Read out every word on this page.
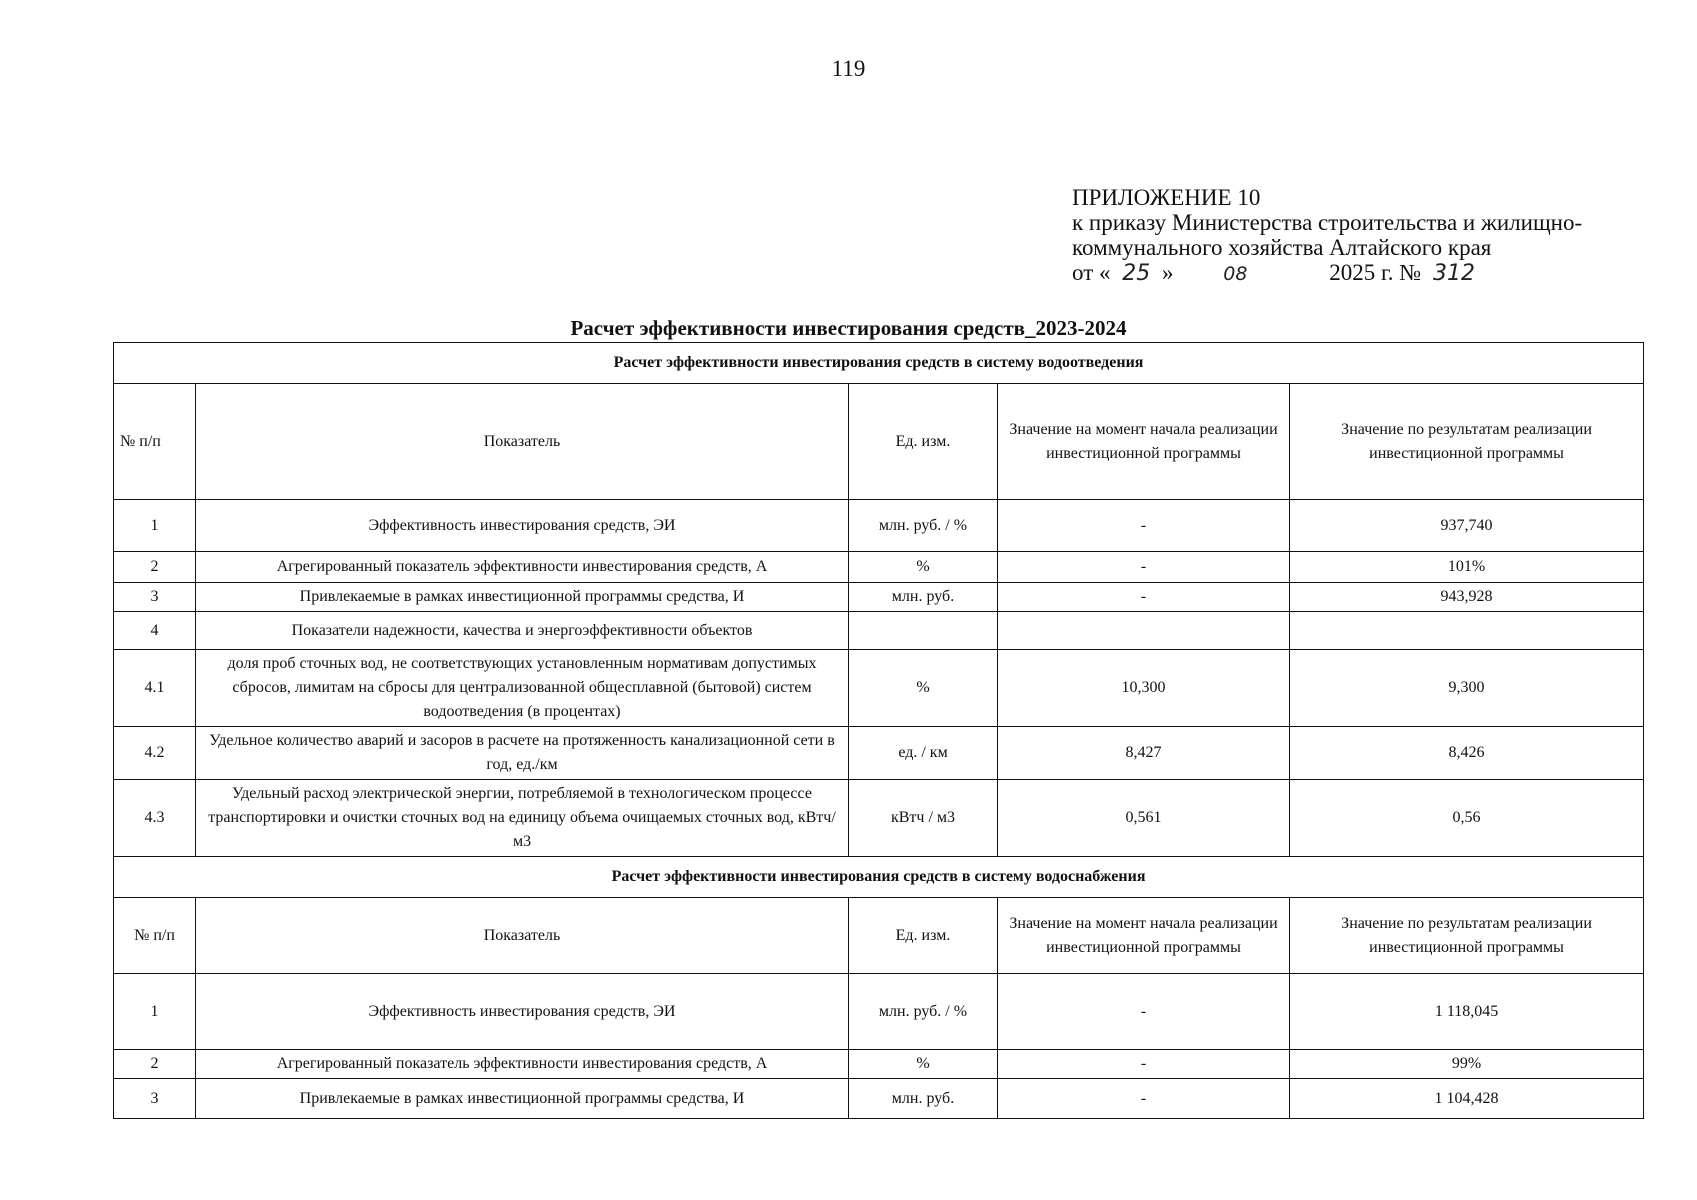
119
ПРИЛОЖЕНИЕ 10
к приказу Министерства строительства и жилищно-
коммунального хозяйства Алтайского края
от « 25 »	08	2025 г. № 312
Расчет эффективности инвестирования средств_2023-2024
Расчет эффективности инвестирования средств в систему водоотведения				
№ п/п	Показатель	Ед. изм.	Значение на момент начала реализации инвестиционной программы	Значение по результатам реализации инвестиционной программы
1	Эффективность инвестирования средств, ЭИ	млн. руб. / %	-	937,740
2	Агрегированный показатель эффективности инвестирования средств, А	%	-	101%
3	Привлекаемые в рамках инвестиционной программы средства, И	млн. руб.	-	943,928
4	Показатели надежности, качества и энергоэффективности объектов			
4.1	доля проб сточных вод, не соответствующих установленным нормативам допустимых сбросов, лимитам на сбросы для централизованной общесплавной (бытовой) систем водоотведения (в процентах)	%	10,300	9,300
4.2	Удельное количество аварий и засоров в расчете на протяженность канализационной сети в год, ед./км	ед. / км	8,427	8,426
4.3	Удельный расход электрической энергии, потребляемой в технологическом процессе транспортировки и очистки сточных вод на единицу объема очищаемых сточных вод, кВтч/м3	кВтч / м3	0,561	0,56
Расчет эффективности инвестирования средств в систему водоснабжения				
№ п/п	Показатель	Ед. изм.	Значение на момент начала реализации инвестиционной программы	Значение по результатам реализации инвестиционной программы
1	Эффективность инвестирования средств, ЭИ	млн. руб. / %	-	1 118,045
2	Агрегированный показатель эффективности инвестирования средств, А	%	-	99%
3	Привлекаемые в рамках инвестиционной программы средства, И	млн. руб.	-	1 104,428
